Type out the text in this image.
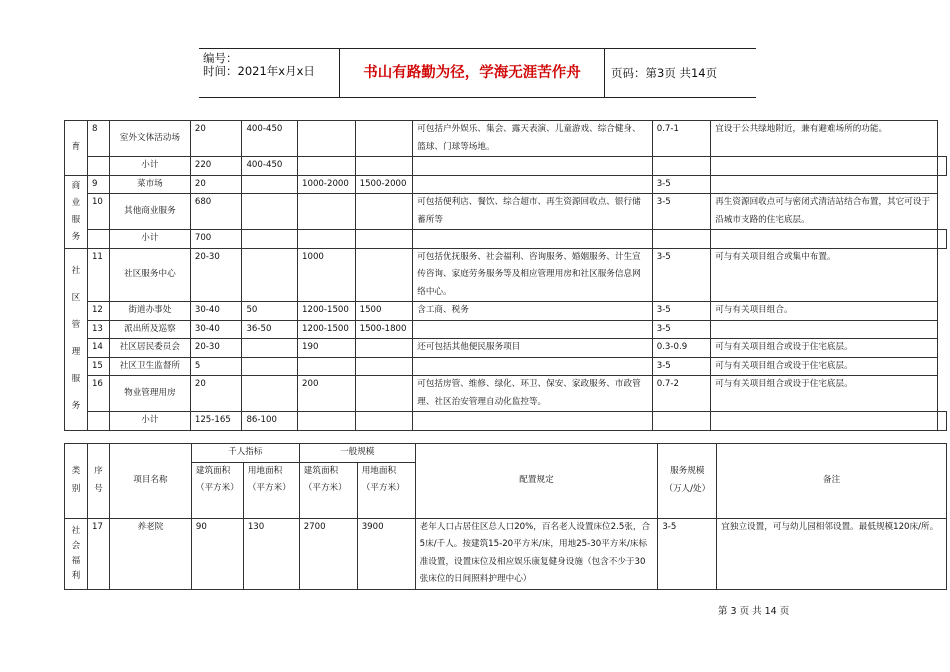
编号：
时间：2021年x月x日	书山有路勤为径，学海无涯苦作舟	页码：第3页 共14页
育	8	室外文体活动场	20	400-450			可包括户外娱乐、集会、露天表演、儿童游戏、综合健身、篮球、门球等场地。	0.7-1	宜设于公共绿地附近，兼有避难场所的功能。	
		小计	220	400-450						

商业服务	9	菜市场	20		1000-2000	1500-2000		3-5		
	10	其他商业服务	680				可包括便利店、餐饮、综合超市、再生资源回收点、银行储蓄所等	3-5	再生资源回收点可与密闭式清洁站结合布置，其它可设于沿城市支路的住宅底层。	
		小计	700							

社区管理服务	11	社区服务中心	20-30		1000		可包括优抚服务、社会福利、咨询服务、婚姻服务、计生宣传咨询、家庭劳务服务等及相应管理用房和社区服务信息网络中心。	3-5	可与有关项目组合或集中布置。	
	12	街道办事处	30-40	50	1200-1500	1500	含工商、税务	3-5	可与有关项目组合。	
	13	派出所及巡察	30-40	36-50	1200-1500	1500-1800		3-5		
	14	社区居民委员会	20-30		190		还可包括其他便民服务项目	0.3-0.9	可与有关项目组合或设于住宅底层。	
	15	社区卫生监督所	5					3-5	可与有关项目组合或设于住宅底层。	
	16	物业管理用房	20		200		可包括房管、维修、绿化、环卫、保安、家政服务、市政管理、社区治安管理自动化监控等。	0.7-2	可与有关项目组合或设于住宅底层。	
		小计	125-165	86-100						
类别	序号	项目名称	千人指标		一般规模		配置规定	服务规模（万人/处）	备注
			建筑面积（平方米）	用地面积（平方米）	建筑面积（平方米）	用地面积（平方米）			

社会福利	17	养老院	90	130	2700	3900	老年人口占居住区总人口20%，百名老人设置床位2.5张，合5床/千人。按建筑15-20平方米/床，用地25-30平方米/床标准设置，设置床位及相应娱乐康复健身设施（包含不少于30张床位的日间照料护理中心）	3-5	宜独立设置，可与幼儿园相邻设置。最低规模120床/所。
第 3 页 共 14 页
